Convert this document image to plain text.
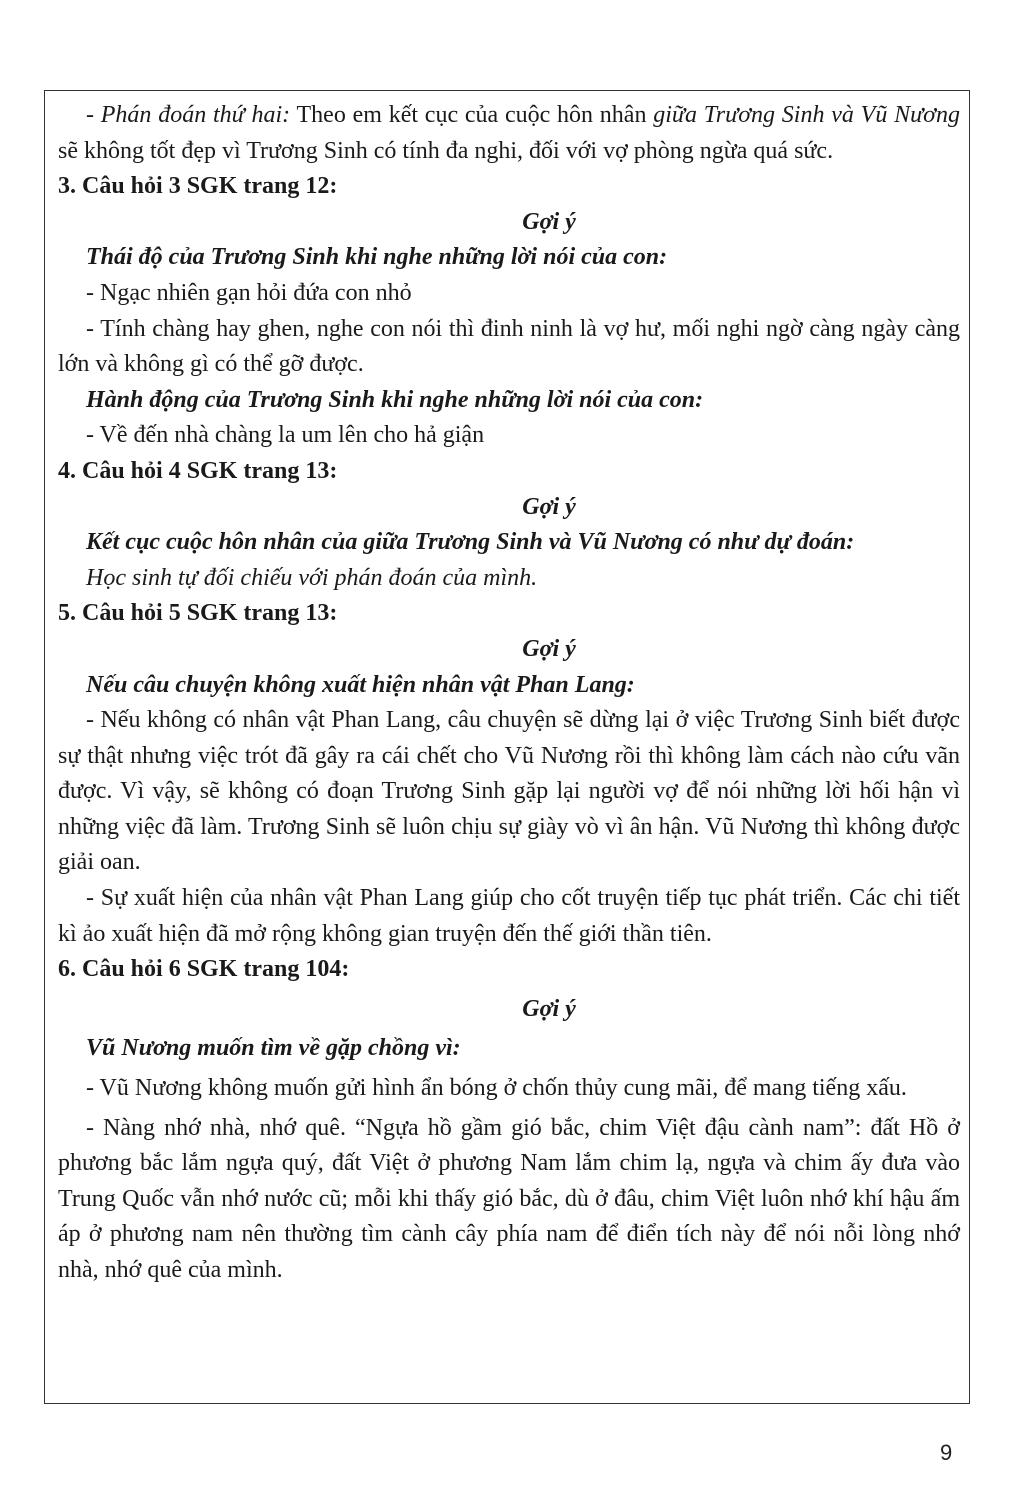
- Phán đoán thứ hai: Theo em kết cục của cuộc hôn nhân giữa Trương Sinh và Vũ Nương sẽ không tốt đẹp vì Trương Sinh có tính đa nghi, đối với vợ phòng ngừa quá sức.

3. Câu hỏi 3 SGK trang 12:

Gợi ý

Thái độ của Trương Sinh khi nghe những lời nói của con:

- Ngạc nhiên gạn hỏi đứa con nhỏ

- Tính chàng hay ghen, nghe con nói thì đinh ninh là vợ hư, mối nghi ngờ càng ngày càng lớn và không gì có thể gỡ được.

Hành động của Trương Sinh khi nghe những lời nói của con:

- Về đến nhà chàng la um lên cho hả giận

4. Câu hỏi 4 SGK trang 13:

Gợi ý

Kết cục cuộc hôn nhân của giữa Trương Sinh và Vũ Nương có như dự đoán:

Học sinh tự đối chiếu với phán đoán của mình.

5. Câu hỏi 5 SGK trang 13:

Gợi ý

Nếu câu chuyện không xuất hiện nhân vật Phan Lang:

- Nếu không có nhân vật Phan Lang, câu chuyện sẽ dừng lại ở việc Trương Sinh biết được sự thật nhưng việc trót đã gây ra cái chết cho Vũ Nương rồi thì không làm cách nào cứu vãn được. Vì vậy, sẽ không có đoạn Trương Sinh gặp lại người vợ để nói những lời hối hận vì những việc đã làm. Trương Sinh sẽ luôn chịu sự giày vò vì ân hận. Vũ Nương thì không được giải oan.

- Sự xuất hiện của nhân vật Phan Lang giúp cho cốt truyện tiếp tục phát triển. Các chi tiết kì ảo xuất hiện đã mở rộng không gian truyện đến thế giới thần tiên.

6. Câu hỏi 6 SGK trang 104:

Gợi ý

Vũ Nương muốn tìm về gặp chồng vì:

- Vũ Nương không muốn gửi hình ẩn bóng ở chốn thủy cung mãi, để mang tiếng xấu.

- Nàng nhớ nhà, nhớ quê. “Ngựa hồ gầm gió bắc, chim Việt đậu cành nam”: đất Hồ ở phương bắc lắm ngựa quý, đất Việt ở phương Nam lắm chim lạ, ngựa và chim ấy đưa vào Trung Quốc vẫn nhớ nước cũ; mỗi khi thấy gió bắc, dù ở đâu, chim Việt luôn nhớ khí hậu ấm áp ở phương nam nên thường tìm cành cây phía nam để điển tích này để nói nỗi lòng nhớ nhà, nhớ quê của mình.

9
